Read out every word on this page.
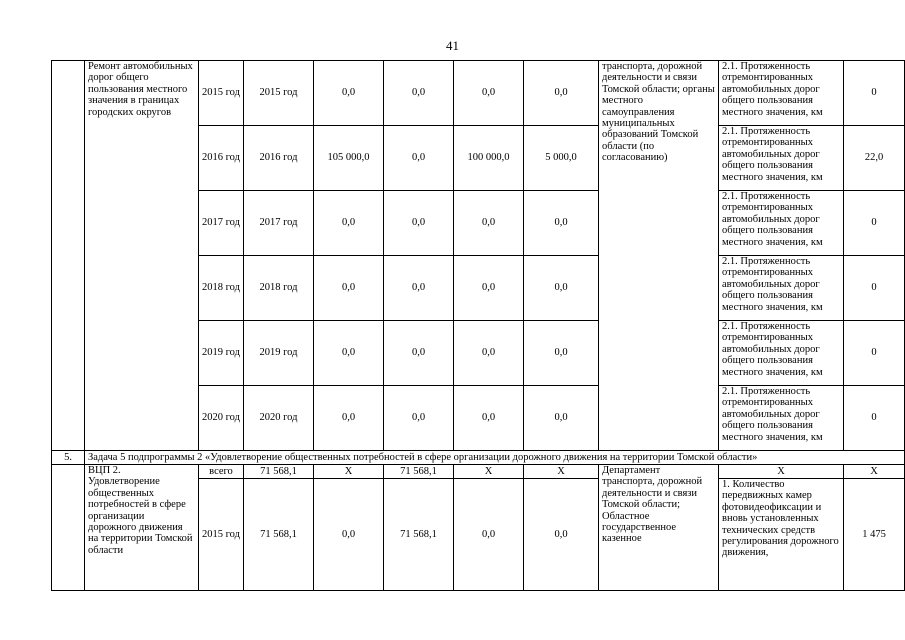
41
	Ремонт автомобильных дорог общего пользования местного значения в границах городских округов	2015 год	2015 год	0,0	0,0	0,0	0,0	транспорта, дорожной деятельности и связи Томской области; органы местного самоуправления муниципальных образований Томской области (по согласованию)	2.1. Протяженность отремонтированных автомобильных дорог общего пользования местного значения, км	0
		2016 год	2016 год	105 000,0	0,0	100 000,0	5 000,0		2.1. Протяженность отремонтированных автомобильных дорог общего пользования местного значения, км	22,0
		2017 год	2017 год	0,0	0,0	0,0	0,0		2.1. Протяженность отремонтированных автомобильных дорог общего пользования местного значения, км	0
		2018 год	2018 год	0,0	0,0	0,0	0,0		2.1. Протяженность отремонтированных автомобильных дорог общего пользования местного значения, км	0
		2019 год	2019 год	0,0	0,0	0,0	0,0		2.1. Протяженность отремонтированных автомобильных дорог общего пользования местного значения, км	0
		2020 год	2020 год	0,0	0,0	0,0	0,0		2.1. Протяженность отремонтированных автомобильных дорог общего пользования местного значения, км	0
5.	Задача 5 подпрограммы 2 «Удовлетворение общественных потребностей в сфере организации дорожного движения на территории Томской области»									
	ВЦП 2. Удовлетворение общественных потребностей в сфере организации дорожного движения на территории Томской области	всего	71 568,1	Х	71 568,1	Х	Х	Департамент транспорта, дорожной деятельности и связи Томской области; Областное государственное казенное	Х	Х
		2015 год	71 568,1	0,0	71 568,1	0,0	0,0		1. Количество передвижных камер фотовидеофиксации и вновь установленных технических средств регулирования дорожного движения,	1 475
